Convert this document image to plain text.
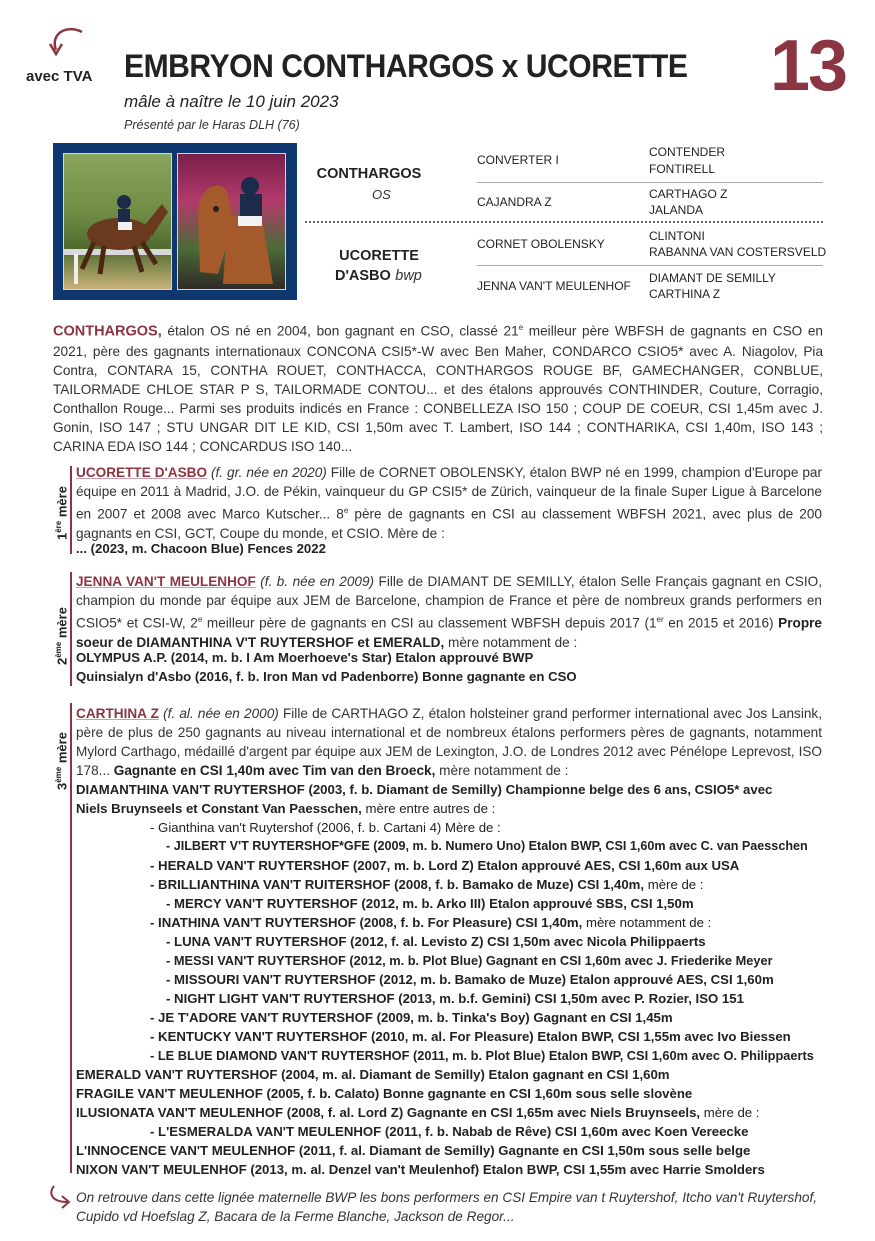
avec TVA EMBRYON CONTHARGOS x UCORETTE 13
mâle à naître le 10 juin 2023
Présenté par le Haras DLH (76)
CONTHARGOS
OS
UCORETTE
D'ASBO bwp
CONVERTER I
CAJANDRA Z
CORNET OBOLENSKY
JENNA VAN'T MEULENHOF
CONTENDER
FONTIRELL
CARTHAGO Z
JALANDA
CLINTONI
RABANNA VAN COSTERSVELD
DIAMANT DE SEMILLY
CARTHINA Z
CONTHARGOS, étalon OS né en 2004, bon gagnant en CSO, classé 21e meilleur père WBFSH de gagnants en CSO en 2021, père des gagnants internationaux CONCONA CSI5*-W avec Ben Maher, CONDARCO CSIO5* avec A. Niagolov, Pia Contra, CONTARA 15, CONTHA ROUET, CONTHACCA, CONTHARGOS ROUGE BF, GAMECHANGER, CONBLUE, TAILORMADE CHLOE STAR P S, TAILORMADE CONTOU... et des étalons approuvés CONTHINDER, Couture, Corragio, Conthallon Rouge... Parmi ses produits indicés en France : CONBELLEZA ISO 150 ; COUP DE COEUR, CSI 1,45m avec J. Gonin, ISO 147 ; STU UNGAR DIT LE KID, CSI 1,50m avec T. Lambert, ISO 144 ; CONTHARIKA, CSI 1,40m, ISO 143 ; CARINA EDA ISO 144 ; CONCARDUS ISO 140...
1ère mère
UCORETTE D'ASBO (f. gr. née en 2020) Fille de CORNET OBOLENSKY, étalon BWP né en 1999, champion d'Europe par équipe en 2011 à Madrid, J.O. de Pékin, vainqueur du GP CSI5* de Zürich, vainqueur de la finale Super Ligue à Barcelone en 2007 et 2008 avec Marco Kutscher... 8e père de gagnants en CSI au classement WBFSH 2021, avec plus de 200 gagnants en CSI, GCT, Coupe du monde, et CSIO. Mère de :
... (2023, m. Chacoon Blue) Fences 2022
2ème mère
JENNA VAN'T MEULENHOF (f. b. née en 2009) Fille de DIAMANT DE SEMILLY, étalon Selle Français gagnant en CSIO, champion du monde par équipe aux JEM de Barcelone, champion de France et père de nombreux grands performers en CSIO5* et CSI-W, 2e meilleur père de gagnants en CSI au classement WBFSH depuis 2017 (1er en 2015 et 2016) Propre soeur de DIAMANTHINA V'T RUYTERSHOF et EMERALD, mère notamment de :
OLYMPUS A.P. (2014, m. b. I Am Moerhoeve's Star) Etalon approuvé BWP
Quinsialyn d'Asbo (2016, f. b. Iron Man vd Padenborre) Bonne gagnante en CSO
3ème mère
CARTHINA Z (f. al. née en 2000) Fille de CARTHAGO Z, étalon holsteiner grand performer international avec Jos Lansink, père de plus de 250 gagnants au niveau international et de nombreux étalons performers pères de gagnants, notamment Mylord Carthago, médaillé d'argent par équipe aux JEM de Lexington, J.O. de Londres 2012 avec Pénélope Leprevost, ISO 178... Gagnante en CSI 1,40m avec Tim van den Broeck, mère notamment de :
DIAMANTHINA VAN'T RUYTERSHOF (2003, f. b. Diamant de Semilly) Championne belge des 6 ans, CSIO5* avec
Niels Bruynseels et Constant Van Paesschen, mère entre autres de :
- Gianthina van't Ruytershof (2006, f. b. Cartani 4) Mère de :
- JILBERT V'T RUYTERSHOF*GFE (2009, m. b. Numero Uno) Etalon BWP, CSI 1,60m avec C. van Paesschen
- HERALD VAN'T RUYTERSHOF (2007, m. b. Lord Z) Etalon approuvé AES, CSI 1,60m aux USA
- BRILLIANTHINA VAN'T RUITERSHOF (2008, f. b. Bamako de Muze) CSI 1,40m, mère de :
- MERCY VAN'T RUYTERSHOF (2012, m. b. Arko III) Etalon approuvé SBS, CSI 1,50m
- INATHINA VAN'T RUYTERSHOF (2008, f. b. For Pleasure) CSI 1,40m, mère notamment de :
- LUNA VAN'T RUYTERSHOF (2012, f. al. Levisto Z) CSI 1,50m avec Nicola Philippaerts
- MESSI VAN'T RUYTERSHOF (2012, m. b. Plot Blue) Gagnant en CSI 1,60m avec J. Friederike Meyer
- MISSOURI VAN'T RUYTERSHOF (2012, m. b. Bamako de Muze) Etalon approuvé AES, CSI 1,60m
- NIGHT LIGHT VAN'T RUYTERSHOF (2013, m. b.f. Gemini) CSI 1,50m avec P. Rozier, ISO 151
- JE T'ADORE VAN'T RUYTERSHOF (2009, m. b. Tinka's Boy) Gagnant en CSI 1,45m
- KENTUCKY VAN'T RUYTERSHOF (2010, m. al. For Pleasure) Etalon BWP, CSI 1,55m avec Ivo Biessen
- LE BLUE DIAMOND VAN'T RUYTERSHOF (2011, m. b. Plot Blue) Etalon BWP, CSI 1,60m avec O. Philippaerts
EMERALD VAN'T RUYTERSHOF (2004, m. al. Diamant de Semilly) Etalon gagnant en CSI 1,60m
FRAGILE VAN'T MEULENHOF (2005, f. b. Calato) Bonne gagnante en CSI 1,60m sous selle slovène
ILUSIONATA VAN'T MEULENHOF (2008, f. al. Lord Z) Gagnante en CSI 1,65m avec Niels Bruynseels, mère de :
- L'ESMERALDA VAN'T MEULENHOF (2011, f. b. Nabab de Rêve) CSI 1,60m avec Koen Vereecke
L'INNOCENCE VAN'T MEULENHOF (2011, f. al. Diamant de Semilly) Gagnante en CSI 1,50m sous selle belge
NIXON VAN'T MEULENHOF (2013, m. al. Denzel van't Meulenhof) Etalon BWP, CSI 1,55m avec Harrie Smolders
On retrouve dans cette lignée maternelle BWP les bons performers en CSI Empire van t Ruytershof, Itcho van't Ruytershof, Cupido vd Hoefslag Z, Bacara de la Ferme Blanche, Jackson de Regor...
